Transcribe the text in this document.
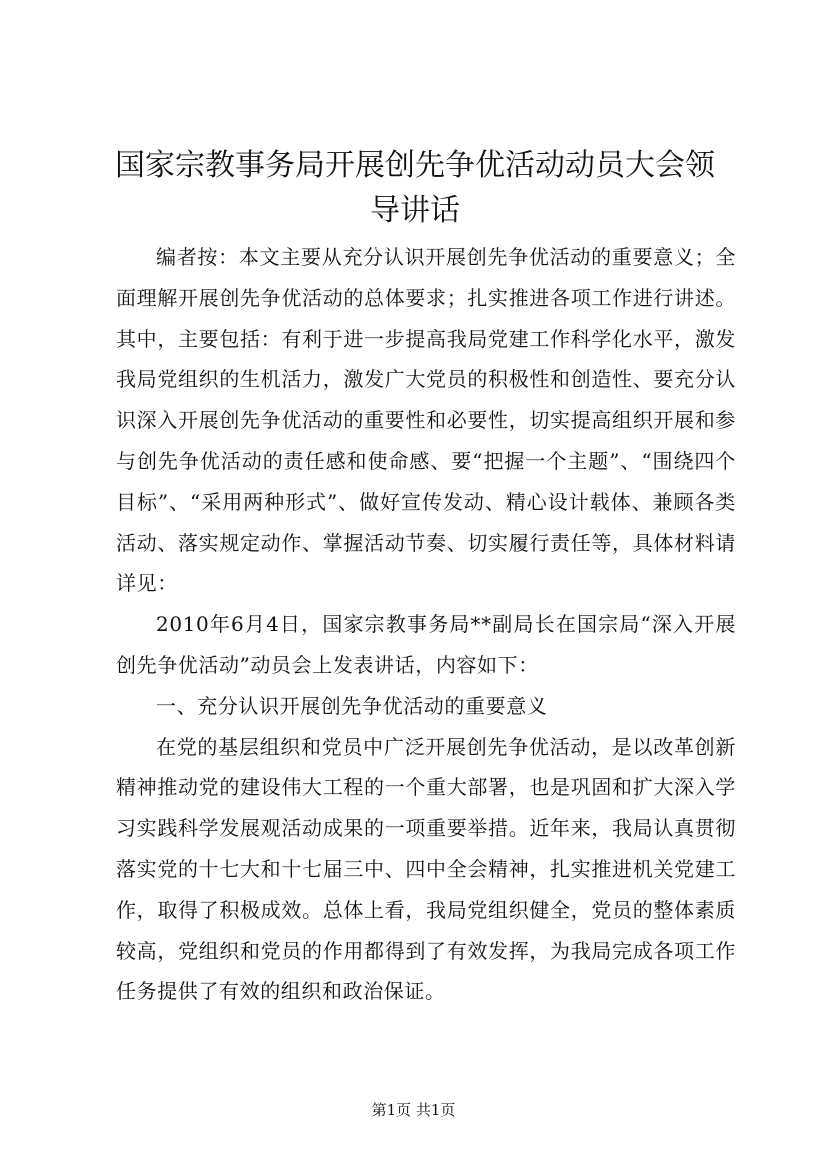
国家宗教事务局开展创先争优活动动员大会领导讲话

编者按：本文主要从充分认识开展创先争优活动的重要意义；全面理解开展创先争优活动的总体要求；扎实推进各项工作进行讲述。其中，主要包括：有利于进一步提高我局党建工作科学化水平，激发我局党组织的生机活力，激发广大党员的积极性和创造性、要充分认识深入开展创先争优活动的重要性和必要性，切实提高组织开展和参与创先争优活动的责任感和使命感、要“把握一个主题”、“围绕四个目标”、“采用两种形式”、做好宣传发动、精心设计载体、兼顾各类活动、落实规定动作、掌握活动节奏、切实履行责任等，具体材料请详见：

2010年6月4日，国家宗教事务局**副局长在国宗局“深入开展创先争优活动”动员会上发表讲话，内容如下：

一、充分认识开展创先争优活动的重要意义

在党的基层组织和党员中广泛开展创先争优活动，是以改革创新精神推动党的建设伟大工程的一个重大部署，也是巩固和扩大深入学习实践科学发展观活动成果的一项重要举措。近年来，我局认真贯彻落实党的十七大和十七届三中、四中全会精神，扎实推进机关党建工作，取得了积极成效。总体上看，我局党组织健全，党员的整体素质较高，党组织和党员的作用都得到了有效发挥，为我局完成各项工作任务提供了有效的组织和政治保证。

第1页 共1页
